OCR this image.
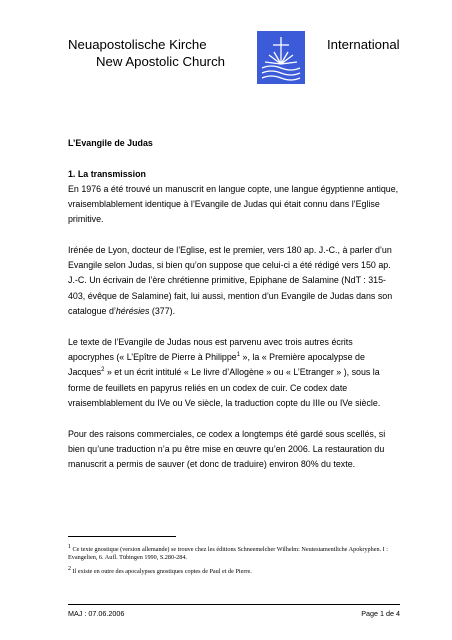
Neuapostolische Kirche
New Apostolic Church
International
L’Evangile de Judas
1. La transmission

En 1976 a été trouvé un manuscrit en langue copte, une langue égyptienne antique, vraisemblablement identique à l’Evangile de Judas qui était connu dans l’Eglise primitive.

Irénée de Lyon, docteur de l’Eglise, est le premier, vers 180 ap. J.-C., à parler d’un Evangile selon Judas, si bien qu’on suppose que celui-ci a été rédigé vers 150 ap. J.-C. Un écrivain de l’ère chrétienne primitive, Epiphane de Salamine (NdT : 315-403, évêque de Salamine) fait, lui aussi, mention d’un Evangile de Judas dans son catalogue d’hérésies (377).

Le texte de l’Evangile de Judas nous est parvenu avec trois autres écrits apocryphes (« L’Epître de Pierre à Philippe$^1$ », la « Première apocalypse de Jacques$^2$ » et un écrit intitulé « Le livre d’Allogène » ou « L’Etranger » ), sous la forme de feuillets en papyrus reliés en un codex de cuir. Ce codex date vraisemblablement du IVe ou Ve siècle, la traduction copte du IIIe ou IVe siècle.

Pour des raisons commerciales, ce codex a longtemps été gardé sous scellés, si bien qu’une traduction n’a pu être mise en œuvre qu’en 2006. La restauration du manuscrit a permis de sauver (et donc de traduire) environ 80% du texte.

$^1$ Ce texte gnostique (version allemande) se trouve chez les éditions Schneemelcher Wilhelm: Neutestamentliche Apokryphen. I : Evangelien, 6. Aufl. Tübingen 1990, S.280-284.
$^2$ Il existe en outre des apocalypses gnostiques coptes de Paul et de Pierre.
MAJ : 07.06.2006	Page 1 de 4
